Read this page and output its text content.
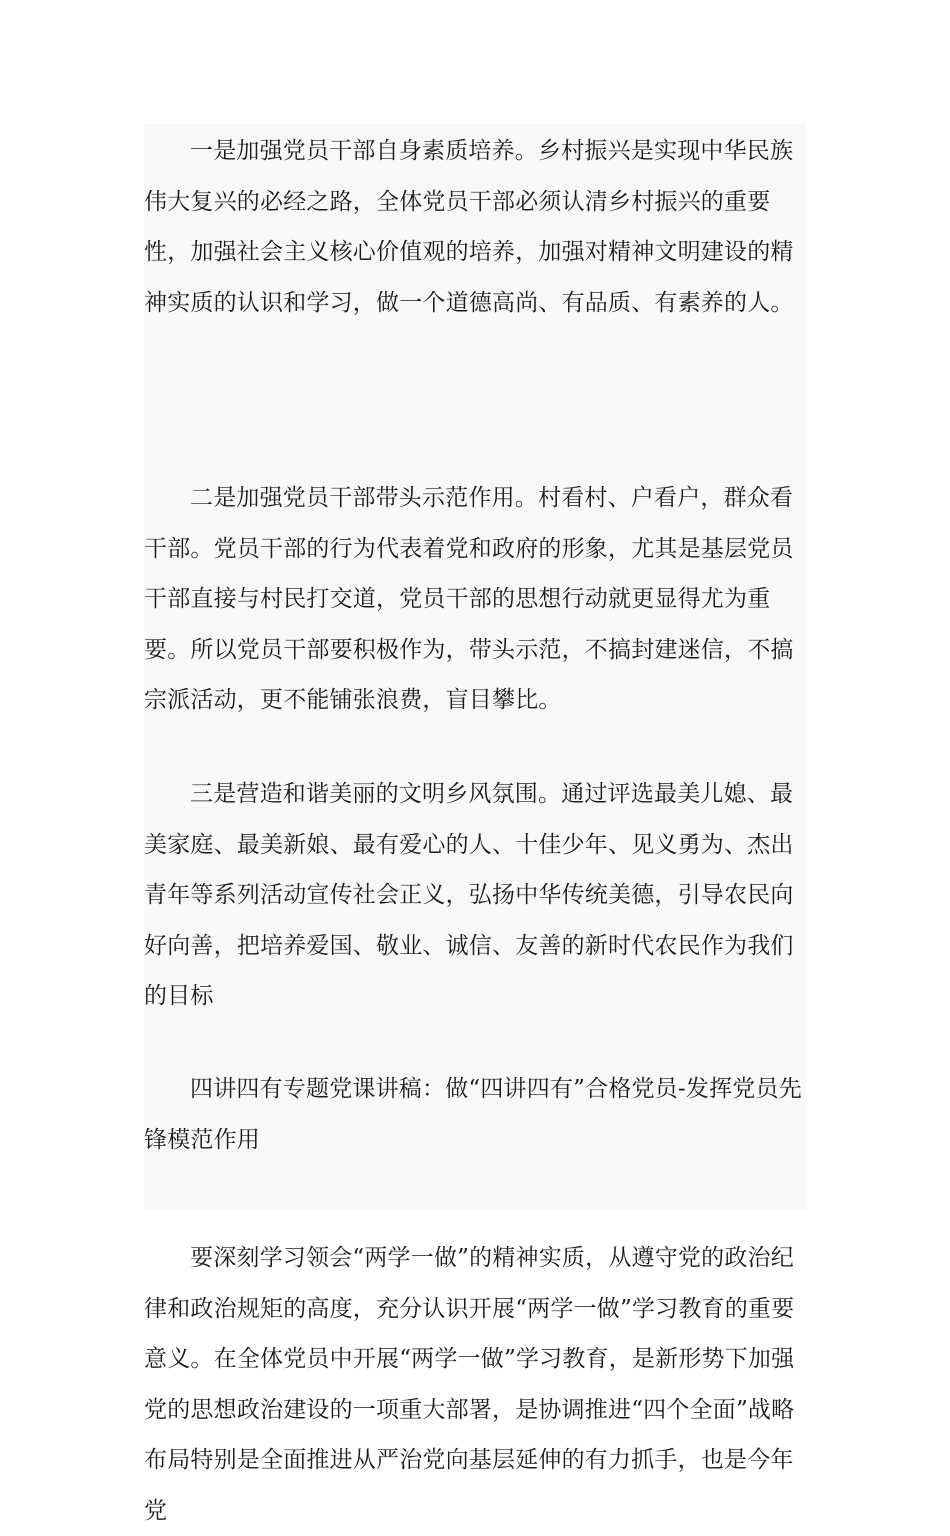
一是加强党员干部自身素质培养。乡村振兴是实现中华民族伟大复兴的必经之路，全体党员干部必须认清乡村振兴的重要性，加强社会主义核心价值观的培养，加强对精神文明建设的精神实质的认识和学习，做一个道德高尚、有品质、有素养的人。

二是加强党员干部带头示范作用。村看村、户看户，群众看干部。党员干部的行为代表着党和政府的形象，尤其是基层党员干部直接与村民打交道，党员干部的思想行动就更显得尤为重要。所以党员干部要积极作为，带头示范，不搞封建迷信，不搞宗派活动，更不能铺张浪费，盲目攀比。

三是营造和谐美丽的文明乡风氛围。通过评选最美儿媳、最美家庭、最美新娘、最有爱心的人、十佳少年、见义勇为、杰出青年等系列活动宣传社会正义，弘扬中华传统美德，引导农民向好向善，把培养爱国、敬业、诚信、友善的新时代农民作为我们的目标

四讲四有专题党课讲稿：做“四讲四有”合格党员-发挥党员先锋模范作用

要深刻学习领会“两学一做”的精神实质，从遵守党的政治纪律和政治规矩的高度，充分认识开展“两学一做”学习教育的重要意义。在全体党员中开展“两学一做”学习教育，是新形势下加强党的思想政治建设的一项重大部署，是协调推进“四个全面”战略布局特别是全面推进从严治党向基层延伸的有力抓手，也是今年党
